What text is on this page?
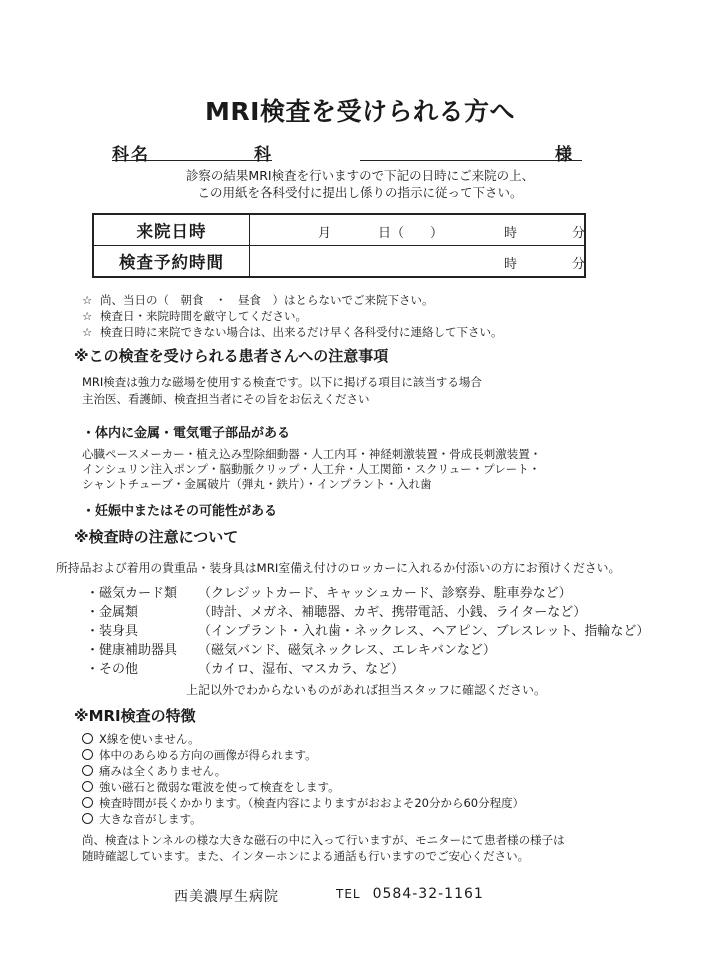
MRI検査を受けられる方へ
科名	科	様
診察の結果MRI検査を行いますので下記の日時にご来院の上、
この用紙を各科受付に提出し係りの指示に従って下さい。
来院日時	月 日（　　） 時 分

検査予約時間	時 分
☆ 尚、当日の（　朝食　・　昼食　）はとらないでご来院下さい。
☆ 検査日・来院時間を厳守してください。
☆ 検査日時に来院できない場合は、出来るだけ早く各科受付に連絡して下さい。
※この検査を受けられる患者さんへの注意事項
MRI検査は強力な磁場を使用する検査です。以下に掲げる項目に該当する場合
主治医、看護師、検査担当者にその旨をお伝えください
・体内に金属・電気電子部品がある
心臓ペースメーカー・植え込み型除細動器・人工内耳・神経刺激装置・骨成長刺激装置・
インシュリン注入ポンプ・脳動脈クリップ・人工弁・人工関節・スクリュー・プレート・
シャントチューブ・金属破片（弾丸・鉄片）・インプラント・入れ歯
・妊娠中またはその可能性がある
※検査時の注意について
所持品および着用の貴重品・装身具はMRI室備え付けのロッカーに入れるか付添いの方にお預けください。
・磁気カード類 （クレジットカード、キャッシュカード、診察券、駐車券など）
・金属類	（時計、メガネ、補聴器、カギ、携帯電話、小銭、ライターなど）
・装身具	（インプラント・入れ歯・ネックレス、ヘアピン、ブレスレット、指輪など）
・健康補助器具 （磁気バンド、磁気ネックレス、エレキバンなど）
・その他	（カイロ、湿布、マスカラ、など）
上記以外でわからないものがあれば担当スタッフに確認ください。
※MRI検査の特徴
X線を使いません。
体中のあらゆる方向の画像が得られます。
痛みは全くありません。
強い磁石と微弱な電波を使って検査をします。
検査時間が長くかかります。（検査内容によりますがおおよそ20分から60分程度）
大きな音がします。
尚、検査はトンネルの様な大きな磁石の中に入って行いますが、モニターにて患者様の様子は
随時確認しています。また、インターホンによる通話も行いますのでご安心ください。
西美濃厚生病院	TEL 0584-32-1161
